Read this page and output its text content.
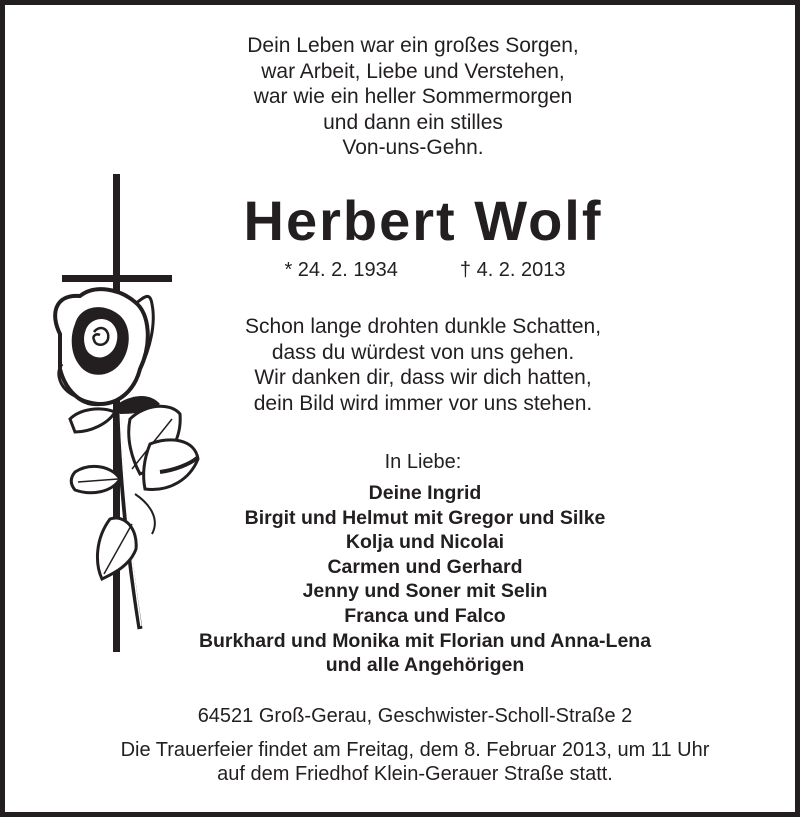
Dein Leben war ein großes Sorgen,
war Arbeit, Liebe und Verstehen,
war wie ein heller Sommermorgen
und dann ein stilles
Von-uns-Gehn.
Herbert Wolf
* 24. 2. 1934	† 4. 2. 2013
Schon lange drohten dunkle Schatten,
dass du würdest von uns gehen.
Wir danken dir, dass wir dich hatten,
dein Bild wird immer vor uns stehen.
In Liebe:
Deine Ingrid
Birgit und Helmut mit Gregor und Silke
Kolja und Nicolai
Carmen und Gerhard
Jenny und Soner mit Selin
Franca und Falco
Burkhard und Monika mit Florian und Anna-Lena
und alle Angehörigen
64521 Groß-Gerau, Geschwister-Scholl-Straße 2
Die Trauerfeier findet am Freitag, dem 8. Februar 2013, um 11 Uhr
auf dem Friedhof Klein-Gerauer Straße statt.
